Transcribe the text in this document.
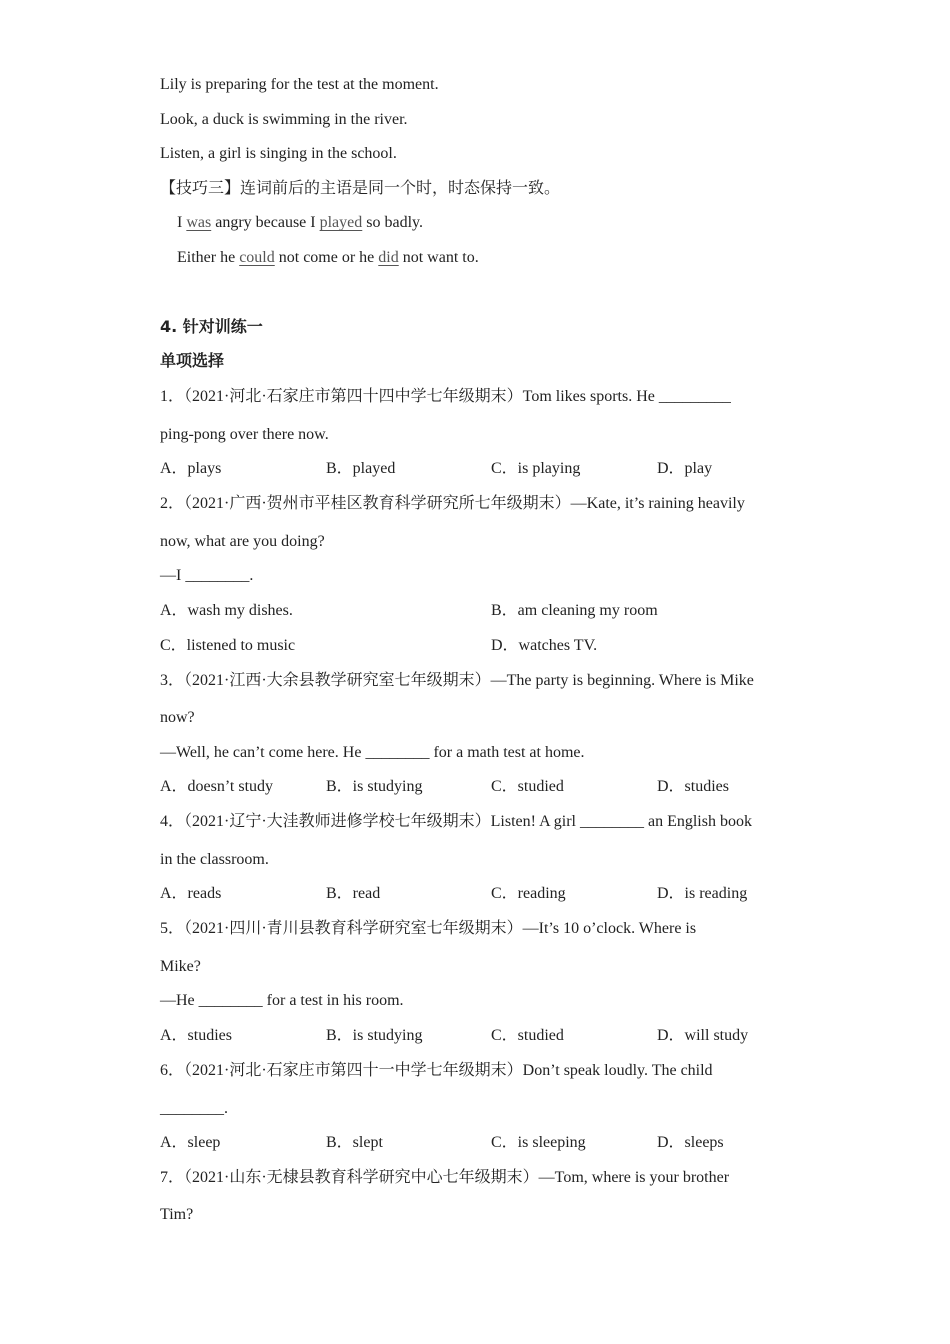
Lily is preparing for the test at the moment.
Look, a duck is swimming in the river.
Listen, a girl is singing in the school.
【技巧三】连词前后的主语是同一个时，时态保持一致。
I was angry because I played so badly.
Either he could not come or he did not want to.
4. 针对训练一
单项选择
1．（2021·河北·石家庄市第四十四中学七年级期末）Tom likes sports. He _________
ping-pong over there now.
A．plays	B．played	C．is playing	D．play
2．（2021·广西·贺州市平桂区教育科学研究所七年级期末）—Kate, it’s raining heavily
now, what are you doing?
—I ________.
A．wash my dishes.	B．am cleaning my room
C．listened to music	D．watches TV.
3．（2021·江西·大余县教学研究室七年级期末）—The party is beginning. Where is Mike
now?
—Well, he can’t come here. He ________ for a math test at home.
A．doesn’t study	B．is studying	C．studied	D．studies
4．（2021·辽宁·大洼教师进修学校七年级期末）Listen! A girl ________ an English book
in the classroom.
A．reads	B．read	C．reading	D．is reading
5．（2021·四川·青川县教育科学研究室七年级期末）—It’s 10 o’clock. Where is
Mike?
—He ________ for a test in his room.
A．studies	B．is studying	C．studied	D．will study
6．（2021·河北·石家庄市第四十一中学七年级期末）Don’t speak loudly. The child
________.
A．sleep	B．slept	C．is sleeping	D．sleeps
7．（2021·山东·无棣县教育科学研究中心七年级期末）—Tom, where is your brother
Tim?
